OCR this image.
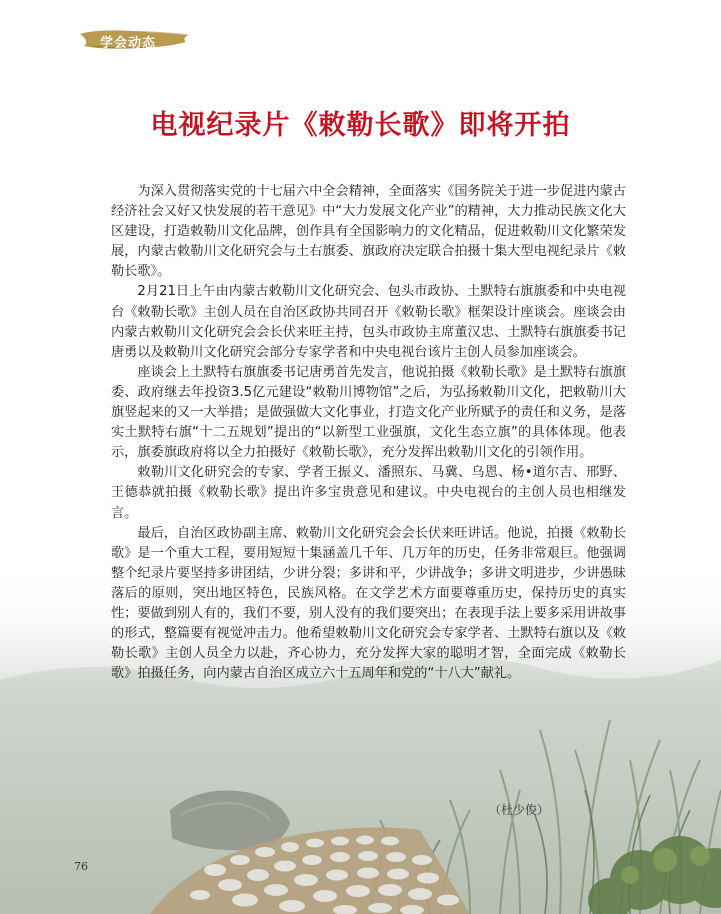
学会动态
电视纪录片《敕勒长歌》即将开拍

为深入贯彻落实党的十七届六中全会精神，全面落实《国务院关于进一步促进内蒙古经济社会又好又快发展的若干意见》中“大力发展文化产业”的精神，大力推动民族文化大区建设，打造敕勒川文化品牌，创作具有全国影响力的文化精品，促进敕勒川文化繁荣发展，内蒙古敕勒川文化研究会与土右旗委、旗政府决定联合拍摄十集大型电视纪录片《敕勒长歌》。

2月21日上午由内蒙古敕勒川文化研究会、包头市政协、土默特右旗旗委和中央电视台《敕勒长歌》主创人员在自治区政协共同召开《敕勒长歌》框架设计座谈会。座谈会由内蒙古敕勒川文化研究会会长伏来旺主持，包头市政协主席董汉忠、土默特右旗旗委书记唐勇以及敕勒川文化研究会部分专家学者和中央电视台该片主创人员参加座谈会。

座谈会上土默特右旗旗委书记唐勇首先发言，他说拍摄《敕勒长歌》是土默特右旗旗委、政府继去年投资3.5亿元建设“敕勒川博物馆”之后，为弘扬敕勒川文化，把敕勒川大旗竖起来的又一大举措；是做强做大文化事业，打造文化产业所赋予的责任和义务，是落实土默特右旗“十二五规划”提出的“以新型工业强旗，文化生态立旗”的具体体现。他表示，旗委旗政府将以全力拍摄好《敕勒长歌》，充分发挥出敕勒川文化的引领作用。

敕勒川文化研究会的专家、学者王振义、潘照东、马冀、乌恩、杨•道尔吉、邢野、王德恭就拍摄《敕勒长歌》提出许多宝贵意见和建议。中央电视台的主创人员也相继发言。

最后，自治区政协副主席、敕勒川文化研究会会长伏来旺讲话。他说，拍摄《敕勒长歌》是一个重大工程，要用短短十集涵盖几千年、几万年的历史，任务非常艰巨。他强调整个纪录片要坚持多讲团结，少讲分裂；多讲和平，少讲战争；多讲文明进步，少讲愚昧落后的原则，突出地区特色，民族风格。在文学艺术方面要尊重历史，保持历史的真实性；要做到别人有的，我们不要，别人没有的我们要突出；在表现手法上要多采用讲故事的形式，整篇要有视觉冲击力。他希望敕勒川文化研究会专家学者、土默特右旗以及《敕勒长歌》主创人员全力以赴，齐心协力，充分发挥大家的聪明才智，全面完成《敕勒长歌》拍摄任务，向内蒙古自治区成立六十五周年和党的“十八大”献礼。

（杜少俊）
76
